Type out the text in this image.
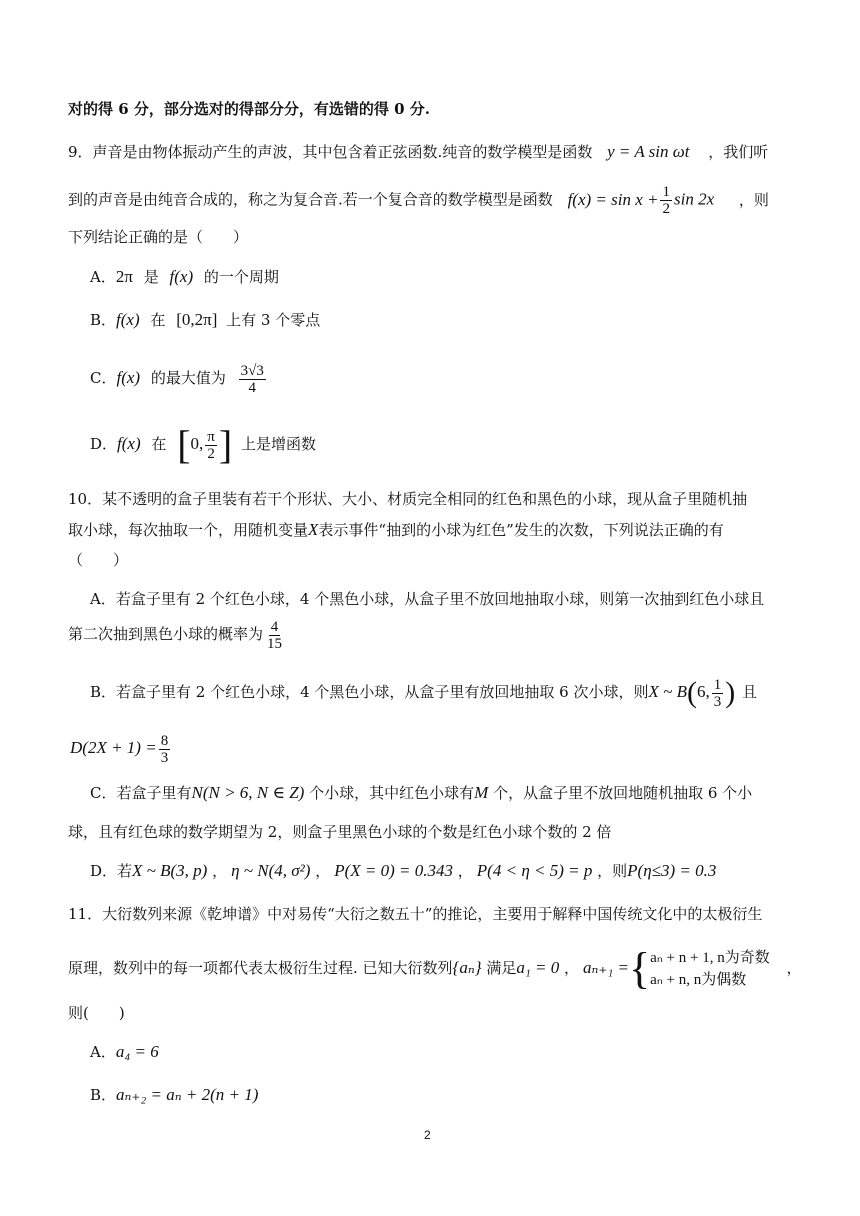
对的得 6 分，部分选对的得部分分，有选错的得 0 分.
9．声音是由物体振动产生的声波，其中包含着正弦函数.纯音的数学模型是函数 y = A sin ωt ，我们听
到的声音是由纯音合成的，称之为复合音.若一个复合音的数学模型是函数 $f(x) = \sin x + \frac{1}{2}$ sin 2x ，则
下列结论正确的是（　　）
A．2π 是 f(x) 的一个周期
B．f(x) 在 [0,2π] 上有 3 个零点
C．f(x) 的最大值为 $\frac{3√3}{4}$
D．f(x) 在 [0, $\frac{\pi}{2}$ ] 上是增函数
10．某不透明的盒子里装有若干个形状、大小、材质完全相同的红色和黑色的小球，现从盒子里随机抽
取小球，每次抽取一个，用随机变量X表示事件“抽到的小球为红色”发生的次数，下列说法正确的有
（　　）
A．若盒子里有 2 个红色小球，4 个黑色小球，从盒子里不放回地抽取小球，则第一次抽到红色小球且
第二次抽到黑色小球的概率为 $\frac{4}{15}$
B．若盒子里有 2 个红色小球，4 个黑色小球，从盒子里有放回地抽取 6 次小球，则X ~ B(6, $\frac{1}{3}$ ) 且
$D(2X + 1) = \frac{8}{3}$
C．若盒子里有N(N > 6, N ∈ Z) 个小球，其中红色小球有M 个，从盒子里不放回地随机抽取 6 个小
球，且有红色球的数学期望为 2，则盒子里黑色小球的个数是红色小球个数的 2 倍
D．若X ~ B(3, p) ， η ~ N(4, σ²) ， P(X = 0) = 0.343 ， P(4 < η < 5) = p ，则P(η≤3) = 0.3
11．大衍数列来源《乾坤谱》中对易传“大衍之数五十”的推论，主要用于解释中国传统文化中的太极衍生
原理，数列中的每一项都代表太极衍生过程. 已知大衍数列{aₙ} 满足a₁ = 0 ， aₙ₊₁ ={ aₙ + n + 1, n为奇数
aₙ + n, n为偶数
，
则(　　)
A．a₄ = 6
B．aₙ₊₂ = aₙ + 2(n + 1)
2
